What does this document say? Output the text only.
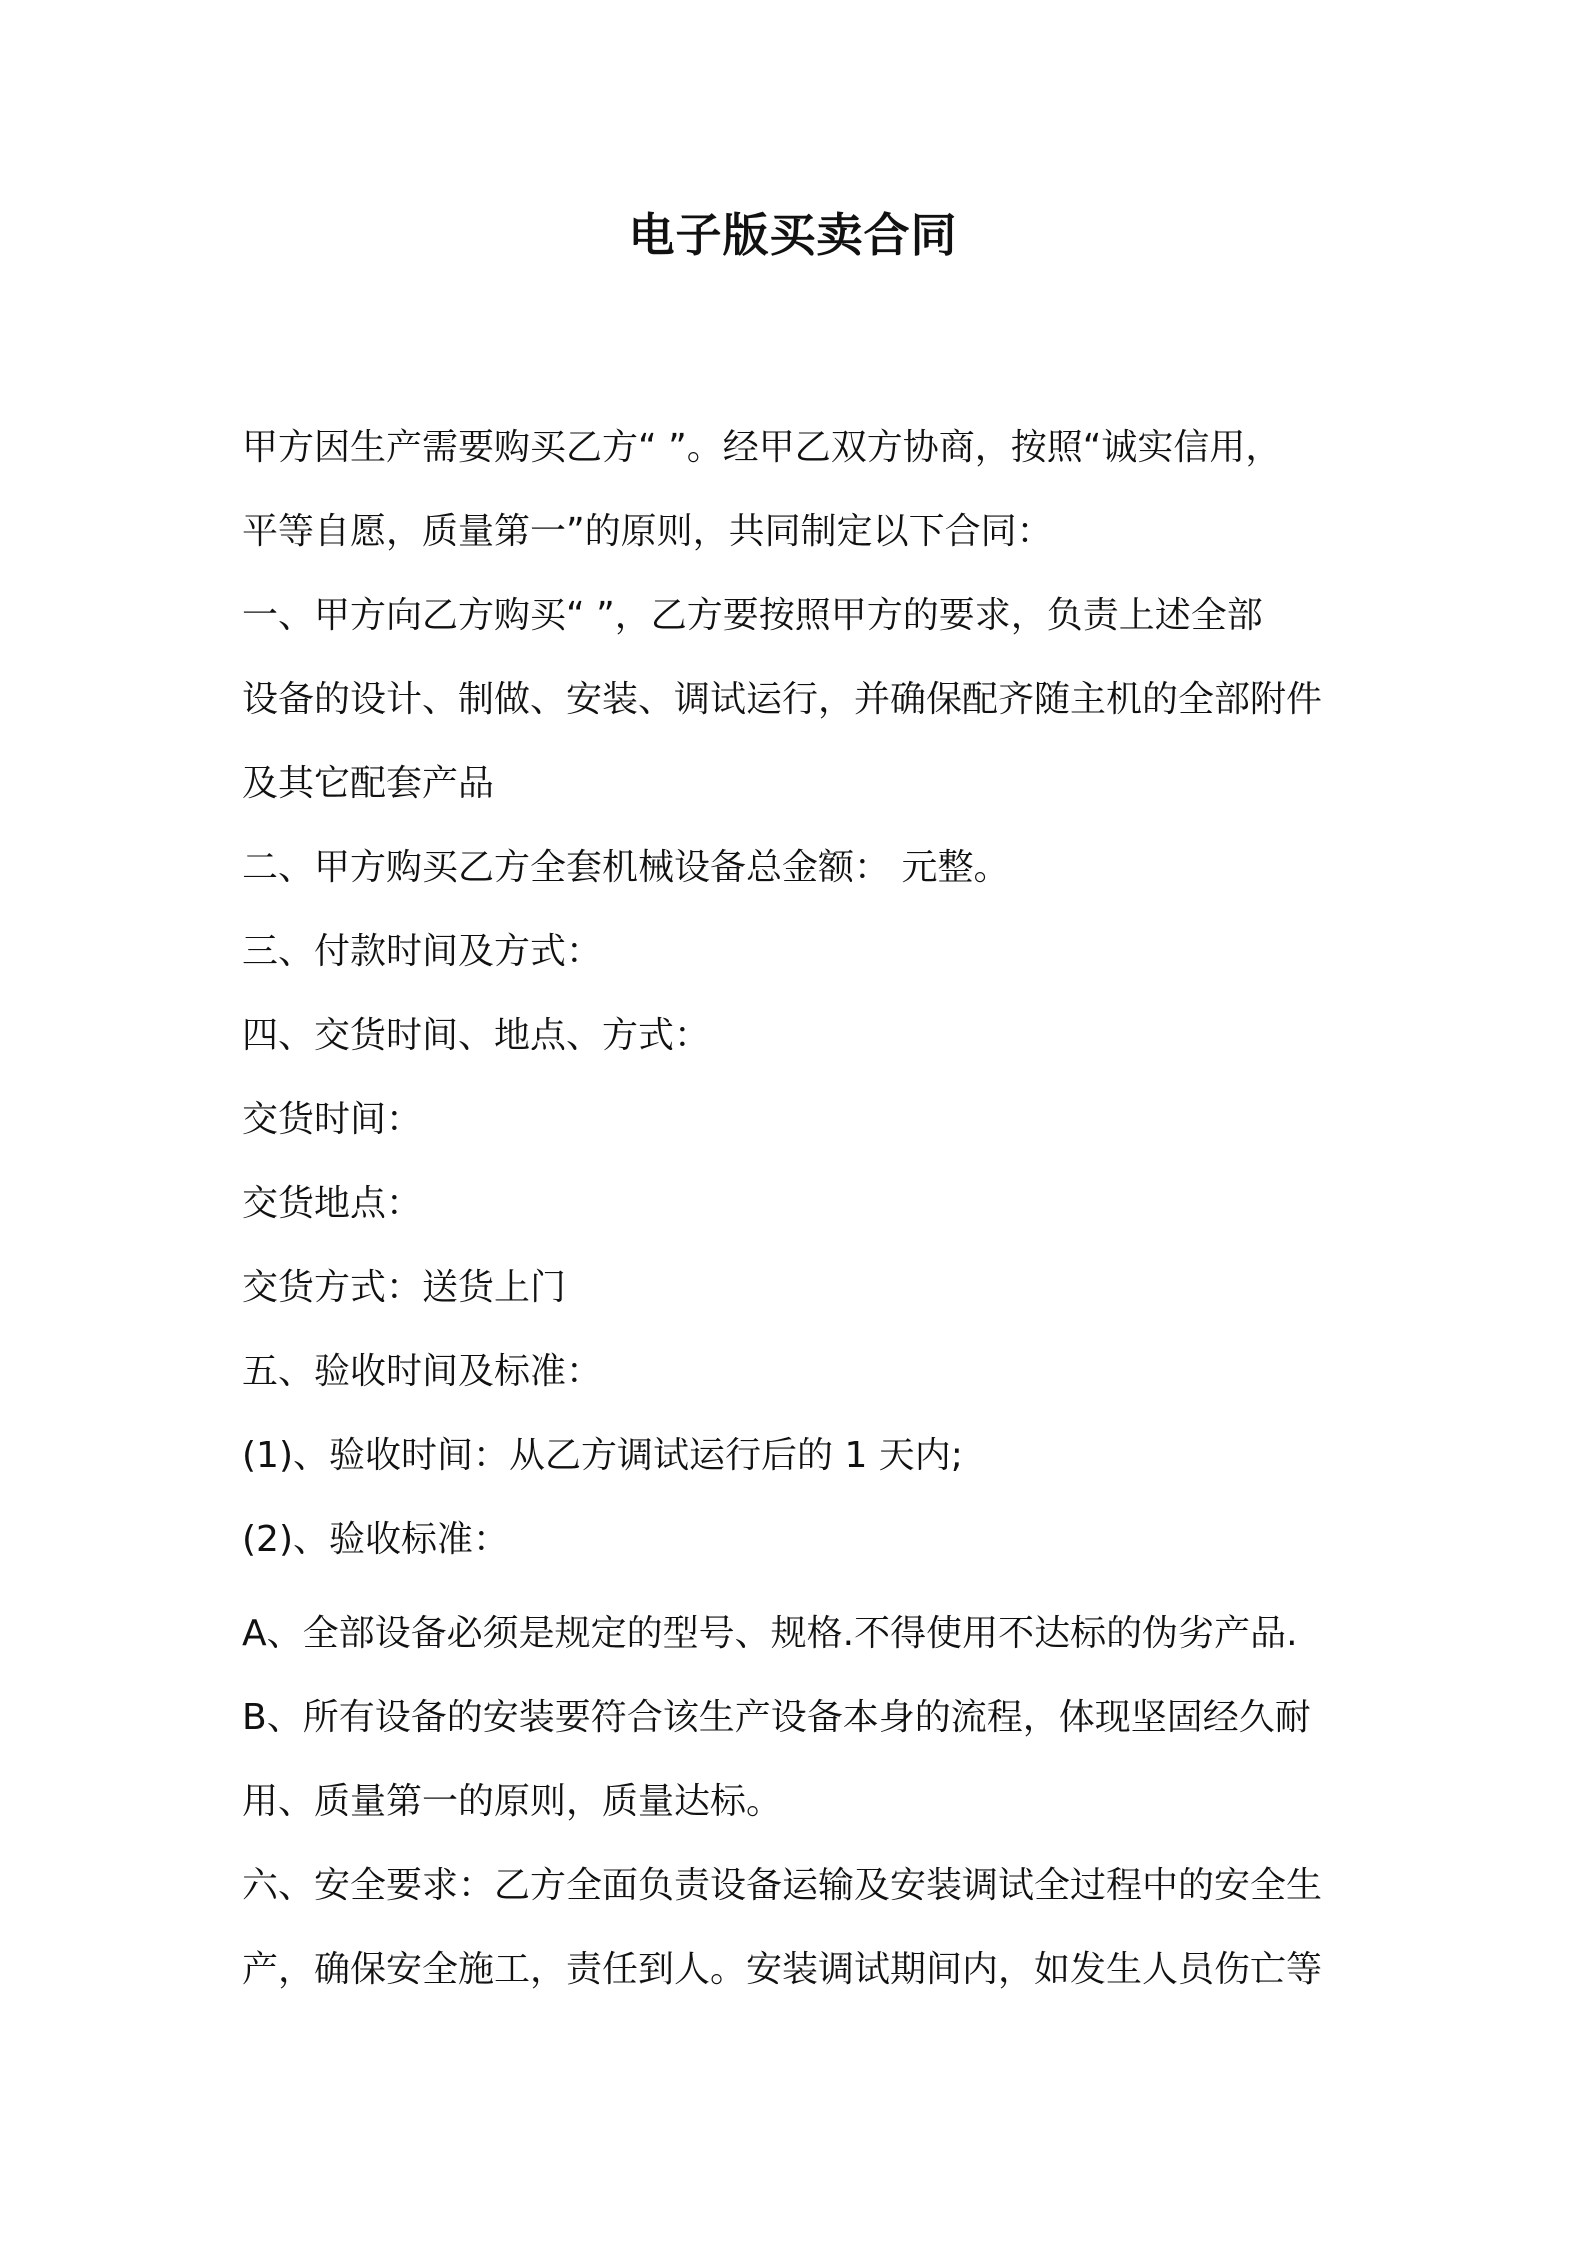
电子版买卖合同
甲方因生产需要购买乙方“ ”。经甲乙双方协商，按照“诚实信用，
平等自愿，质量第一”的原则，共同制定以下合同：
一、甲方向乙方购买“ ”，乙方要按照甲方的要求，负责上述全部
设备的设计、制做、安装、调试运行，并确保配齐随主机的全部附件
及其它配套产品
二、甲方购买乙方全套机械设备总金额： 元整。
三、付款时间及方式：
四、交货时间、地点、方式：
交货时间：
交货地点：
交货方式：送货上门
五、验收时间及标准：
(1)、验收时间：从乙方调试运行后的 1 天内;
(2)、验收标准：
A、全部设备必须是规定的型号、规格.不得使用不达标的伪劣产品.
B、所有设备的安装要符合该生产设备本身的流程，体现坚固经久耐
用、质量第一的原则，质量达标。
六、安全要求：乙方全面负责设备运输及安装调试全过程中的安全生
产，确保安全施工，责任到人。安装调试期间内，如发生人员伤亡等
